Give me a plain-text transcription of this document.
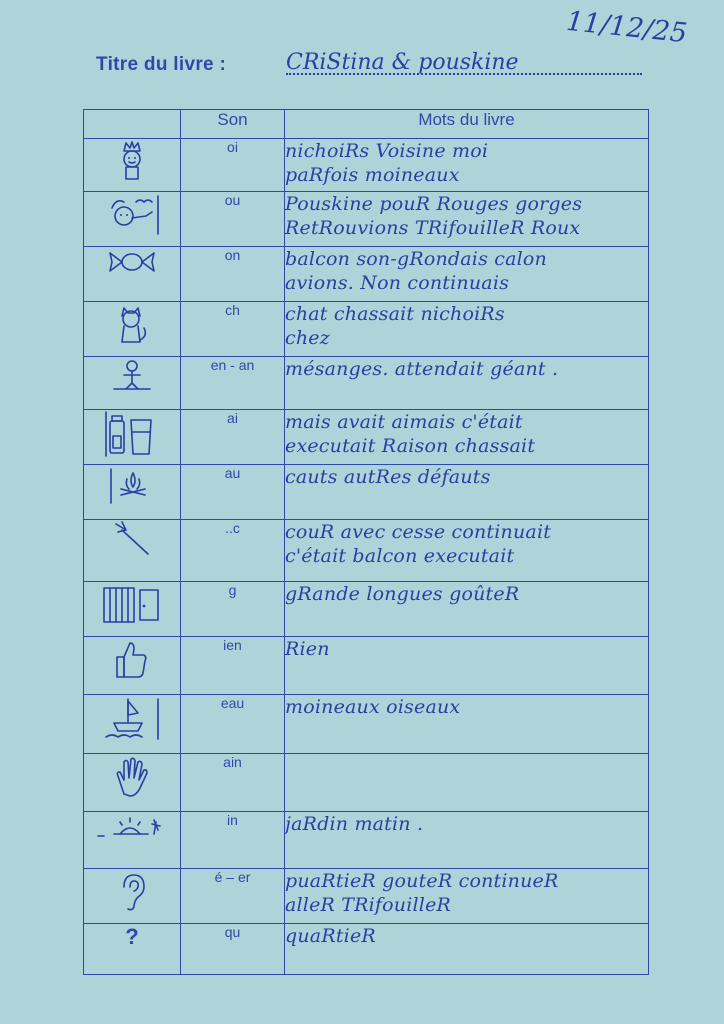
11/12/25
Titre du livre :	CRiStina & pouskine
	Son	Mots du livre
	oi	nichoiRs Voisine moi
paRfois moineaux

	ou	Pouskine pouR Rouges gorges
RetRouvions TRifouilleR Roux

	on	balcon son-gRondais calon
avions. Non continuais

	ch	chat chassait nichoiRs
chez

	en - an	mésanges. attendait géant .

	ai	mais avait aimais c'était
executait Raison chassait

	au	cauts autRes défauts

	..c	couR avec cesse continuait
c'était balcon executait

	g	gRande longues goûteR

	ien	Rien

	eau	moineaux oiseaux

	ain	
	in	jaRdin matin .

	é – er	puaRtieR gouteR continueR
alleR TRifouilleR

?	qu	quaRtieR
